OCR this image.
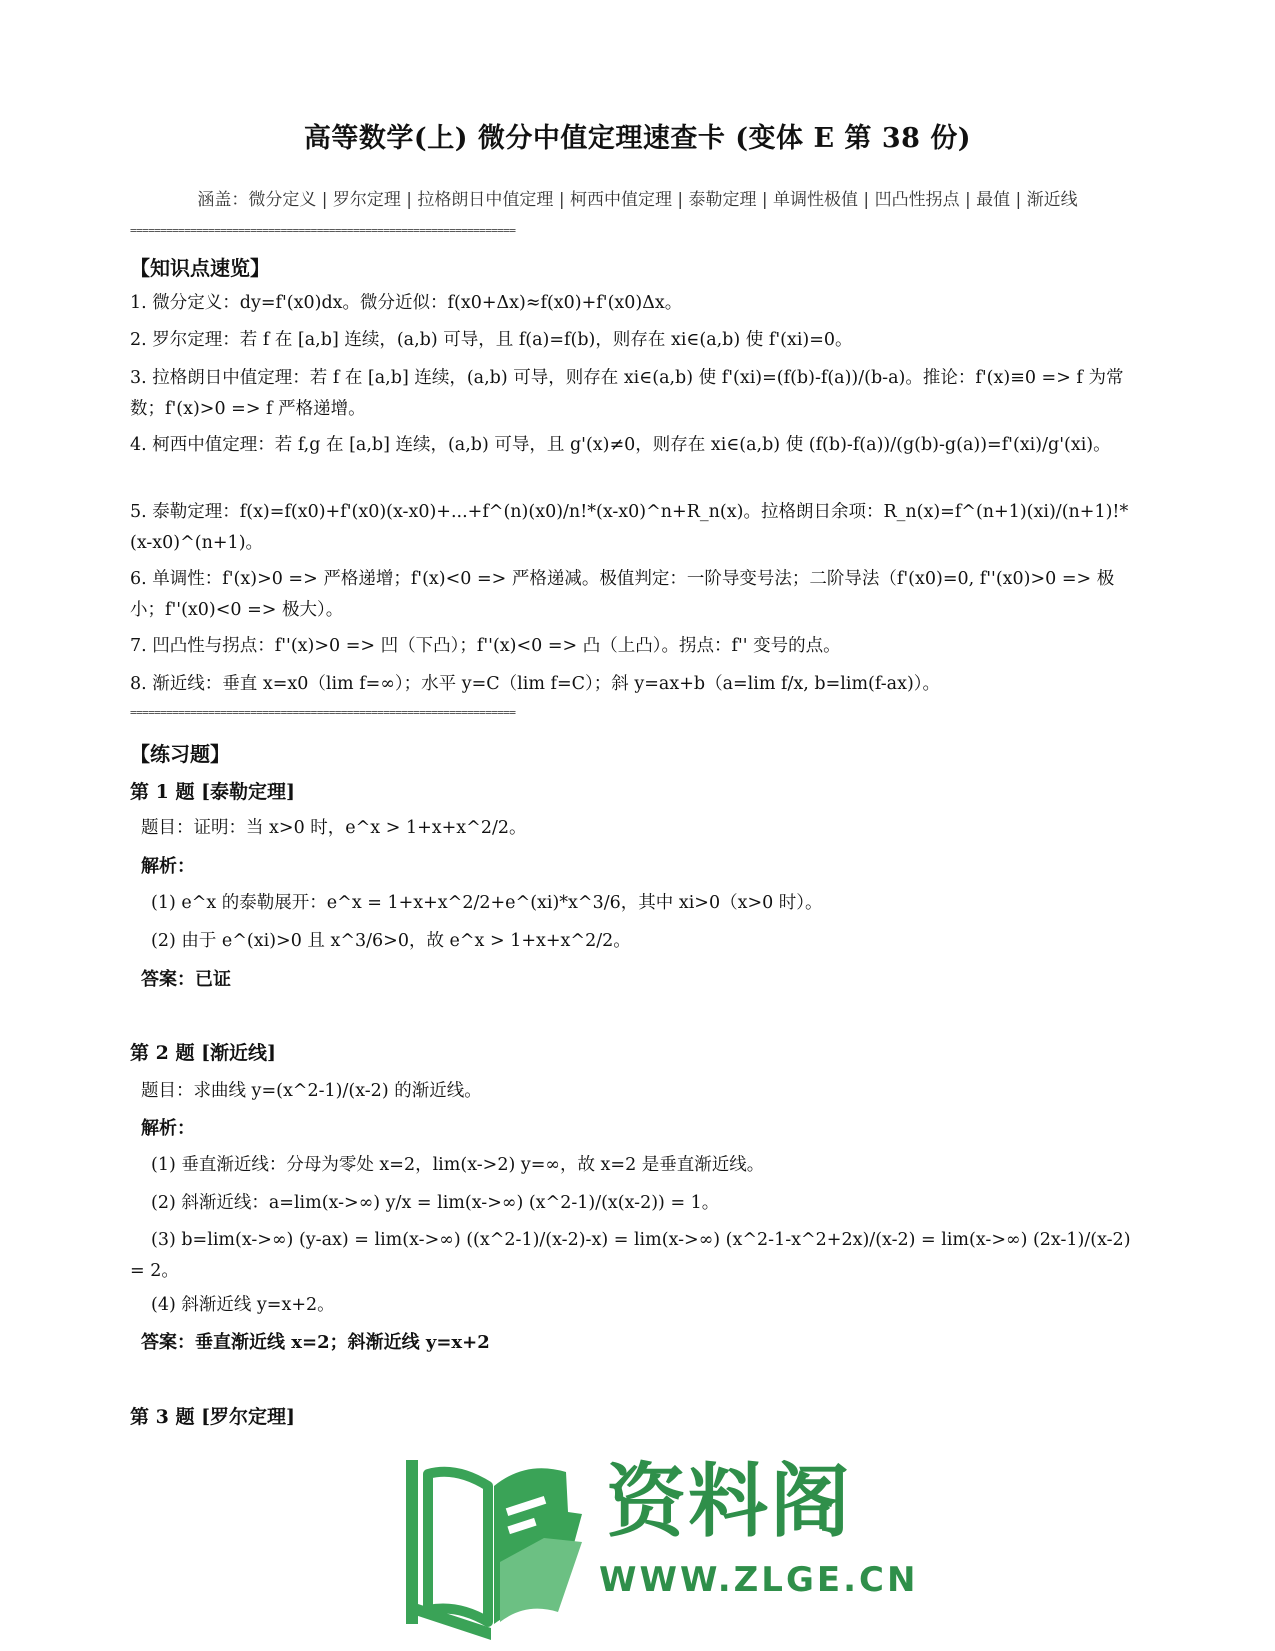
高等数学(上) 微分中值定理速查卡 (变体 E 第 38 份)
涵盖：微分定义 | 罗尔定理 | 拉格朗日中值定理 | 柯西中值定理 | 泰勒定理 | 单调性极值 | 凹凸性拐点 | 最值 | 渐近线
================================================================
【知识点速览】
1. 微分定义：dy=f'(x0)dx。微分近似：f(x0+Δx)≈f(x0)+f'(x0)Δx。
2. 罗尔定理：若 f 在 [a,b] 连续，(a,b) 可导，且 f(a)=f(b)，则存在 xi∈(a,b) 使 f'(xi)=0。
3. 拉格朗日中值定理：若 f 在 [a,b] 连续，(a,b) 可导，则存在 xi∈(a,b) 使 f'(xi)=(f(b)-f(a))/(b-a)。推论：f'(x)≡0 => f 为常数；f'(x)>0 => f 严格递增。
4. 柯西中值定理：若 f,g 在 [a,b] 连续，(a,b) 可导，且 g'(x)≠0，则存在 xi∈(a,b) 使 (f(b)-f(a))/(g(b)-g(a))=f'(xi)/g'(xi)。
5. 泰勒定理：f(x)=f(x0)+f'(x0)(x-x0)+...+f^(n)(x0)/n!*(x-x0)^n+R_n(x)。拉格朗日余项：R_n(x)=f^(n+1)(xi)/(n+1)!*(x-x0)^(n+1)。
6. 单调性：f'(x)>0 => 严格递增；f'(x)<0 => 严格递减。极值判定：一阶导变号法；二阶导法（f'(x0)=0, f''(x0)>0 => 极小；f''(x0)<0 => 极大）。
7. 凹凸性与拐点：f''(x)>0 => 凹（下凸）；f''(x)<0 => 凸（上凸）。拐点：f'' 变号的点。
8. 渐近线：垂直 x=x0（lim f=∞）；水平 y=C（lim f=C）；斜 y=ax+b（a=lim f/x, b=lim(f-ax)）。
================================================================
【练习题】
第 1 题 [泰勒定理]
题目：证明：当 x>0 时，e^x > 1+x+x^2/2。
解析：
(1) e^x 的泰勒展开：e^x = 1+x+x^2/2+e^(xi)*x^3/6，其中 xi>0（x>0 时）。
(2) 由于 e^(xi)>0 且 x^3/6>0，故 e^x > 1+x+x^2/2。
答案：已证
第 2 题 [渐近线]
题目：求曲线 y=(x^2-1)/(x-2) 的渐近线。
解析：
(1) 垂直渐近线：分母为零处 x=2，lim(x->2) y=∞，故 x=2 是垂直渐近线。
(2) 斜渐近线：a=lim(x->∞) y/x = lim(x->∞) (x^2-1)/(x(x-2)) = 1。
(3) b=lim(x->∞) (y-ax) = lim(x->∞) ((x^2-1)/(x-2)-x) = lim(x->∞) (x^2-1-x^2+2x)/(x-2) = lim(x->∞) (2x-1)/(x-2) = 2。
(4) 斜渐近线 y=x+2。
答案：垂直渐近线 x=2；斜渐近线 y=x+2
第 3 题 [罗尔定理]
资料阁
WWW.ZLGE.CN
